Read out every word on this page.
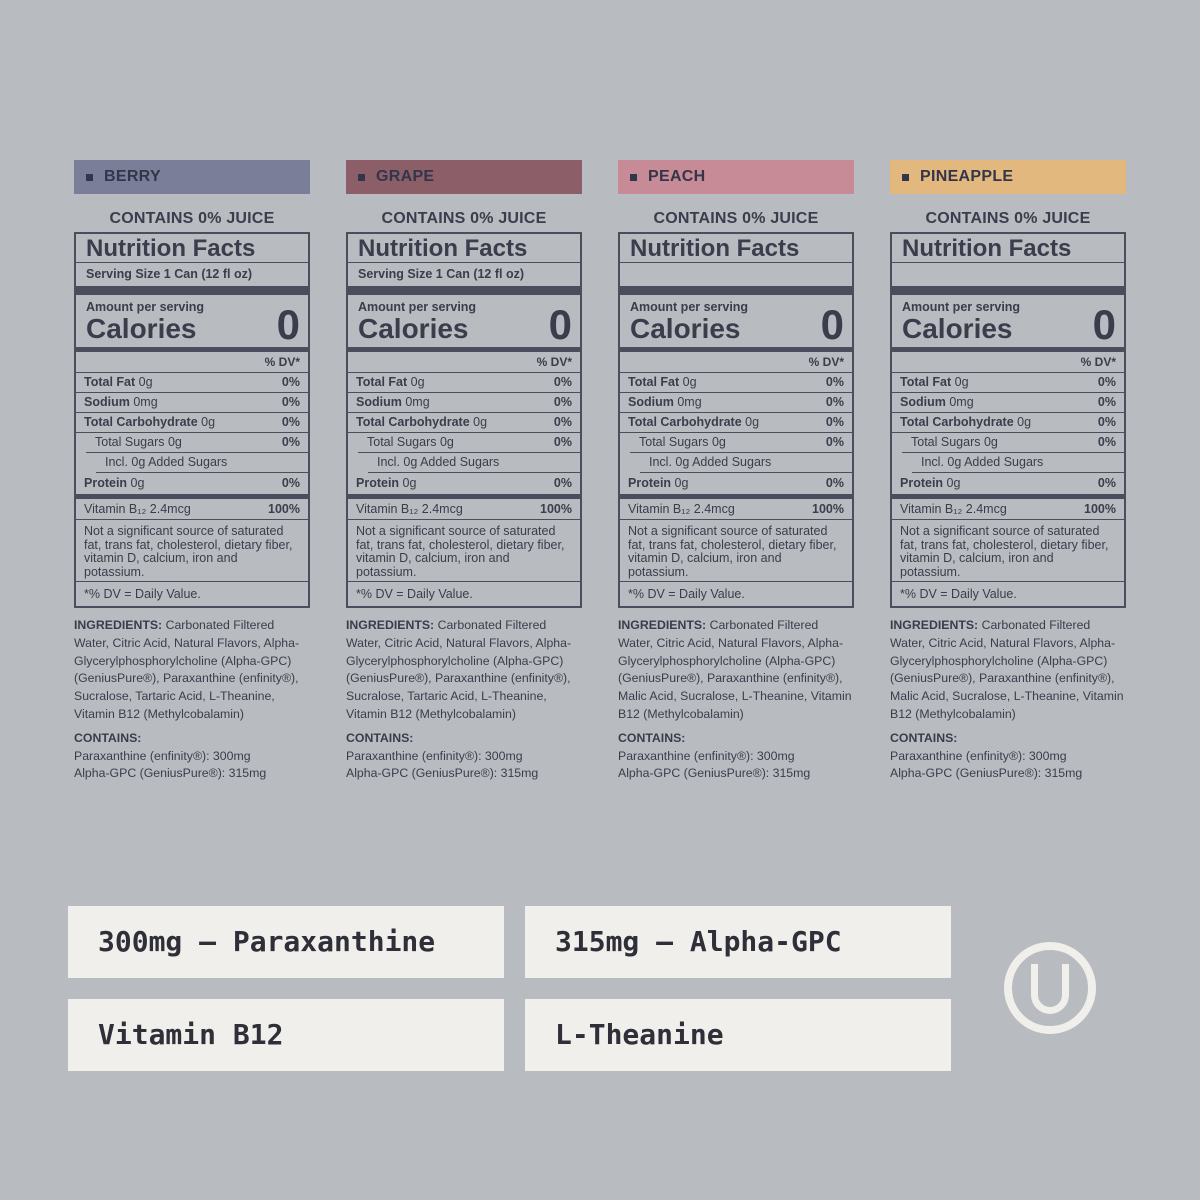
BERRY
CONTAINS 0% JUICE
Nutrition Facts
Serving Size 1 Can (12 fl oz)
Amount per serving
Calories 0
% DV*
Total Fat 0g	0%
Sodium 0mg	0%
Total Carbohydrate 0g	0%
Total Sugars 0g	0%
Incl. 0g Added Sugars
Protein 0g	0%
Vitamin B₁₂ 2.4mcg	100%
Not a significant source of saturated fat, trans fat, cholesterol, dietary fiber, vitamin D, calcium, iron and potassium.
*% DV = Daily Value.
INGREDIENTS: Carbonated Filtered Water, Citric Acid, Natural Flavors, Alpha-Glycerylphosphorylcholine (Alpha-GPC) (GeniusPure®), Paraxanthine (enfinity®), Sucralose, Tartaric Acid, L-Theanine, Vitamin B12 (Methylcobalamin)
CONTAINS:
Paraxanthine (enfinity®): 300mg
Alpha-GPC (GeniusPure®): 315mg
GRAPE
CONTAINS 0% JUICE
Nutrition Facts
Serving Size 1 Can (12 fl oz)
Amount per serving
Calories 0
% DV*
Total Fat 0g	0%
Sodium 0mg	0%
Total Carbohydrate 0g	0%
Total Sugars 0g	0%
Incl. 0g Added Sugars
Protein 0g	0%
Vitamin B₁₂ 2.4mcg	100%
Not a significant source of saturated fat, trans fat, cholesterol, dietary fiber, vitamin D, calcium, iron and potassium.
*% DV = Daily Value.
INGREDIENTS: Carbonated Filtered Water, Citric Acid, Natural Flavors, Alpha-Glycerylphosphorylcholine (Alpha-GPC) (GeniusPure®), Paraxanthine (enfinity®), Sucralose, Tartaric Acid, L-Theanine, Vitamin B12 (Methylcobalamin)
CONTAINS:
Paraxanthine (enfinity®): 300mg
Alpha-GPC (GeniusPure®): 315mg
PEACH
CONTAINS 0% JUICE
Nutrition Facts
Amount per serving
Calories 0
% DV*
Total Fat 0g	0%
Sodium 0mg	0%
Total Carbohydrate 0g	0%
Total Sugars 0g	0%
Incl. 0g Added Sugars
Protein 0g	0%
Vitamin B₁₂ 2.4mcg	100%
Not a significant source of saturated fat, trans fat, cholesterol, dietary fiber, vitamin D, calcium, iron and potassium.
*% DV = Daily Value.
INGREDIENTS: Carbonated Filtered Water, Citric Acid, Natural Flavors, Alpha-Glycerylphosphorylcholine (Alpha-GPC) (GeniusPure®), Paraxanthine (enfinity®), Malic Acid, Sucralose, L-Theanine, Vitamin B12 (Methylcobalamin)
CONTAINS:
Paraxanthine (enfinity®): 300mg
Alpha-GPC (GeniusPure®): 315mg
PINEAPPLE
CONTAINS 0% JUICE
Nutrition Facts
Amount per serving
Calories 0
% DV*
Total Fat 0g	0%
Sodium 0mg	0%
Total Carbohydrate 0g	0%
Total Sugars 0g	0%
Incl. 0g Added Sugars
Protein 0g	0%
Vitamin B₁₂ 2.4mcg	100%
Not a significant source of saturated fat, trans fat, cholesterol, dietary fiber, vitamin D, calcium, iron and potassium.
*% DV = Daily Value.
INGREDIENTS: Carbonated Filtered Water, Citric Acid, Natural Flavors, Alpha-Glycerylphosphorylcholine (Alpha-GPC) (GeniusPure®), Paraxanthine (enfinity®), Malic Acid, Sucralose, L-Theanine, Vitamin B12 (Methylcobalamin)
CONTAINS:
Paraxanthine (enfinity®): 300mg
Alpha-GPC (GeniusPure®): 315mg
300mg — Paraxanthine	315mg — Alpha-GPC
Vitamin B12	L-Theanine
